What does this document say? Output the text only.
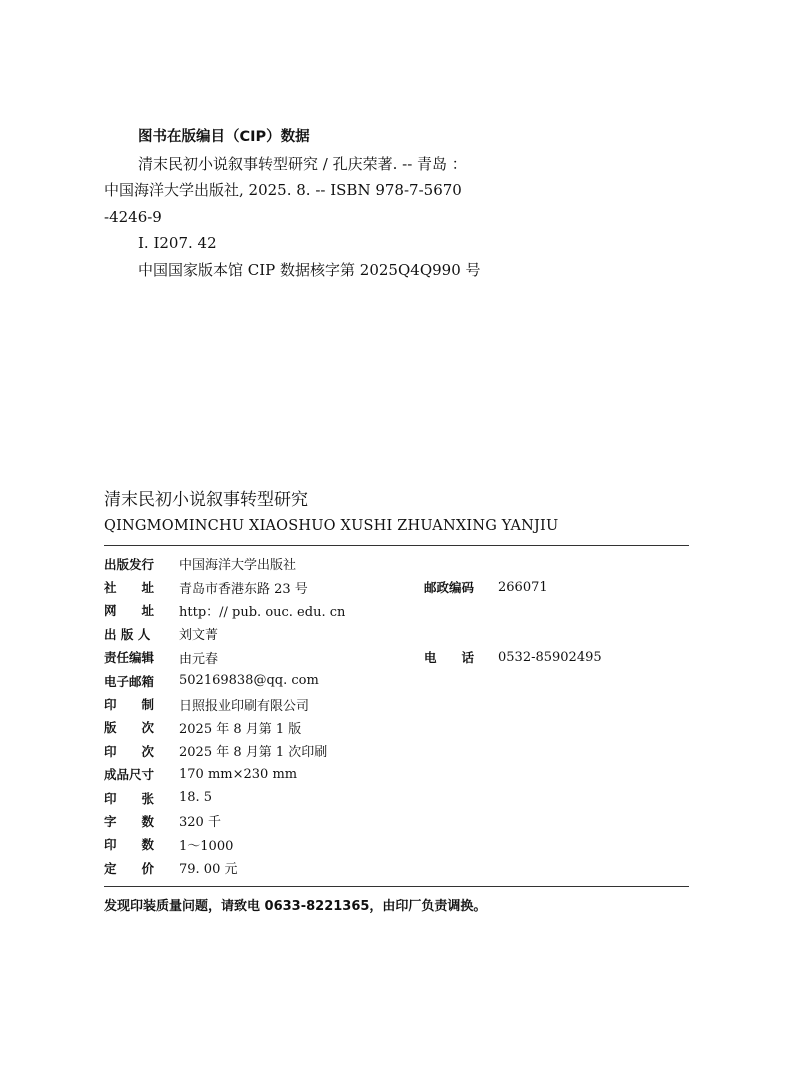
图书在版编目（CIP）数据
清末民初小说叙事转型研究 / 孔庆荣著. -- 青岛 ：
中国海洋大学出版社, 2025. 8. -- ISBN 978-7-5670
-4246-9
Ⅰ. I207. 42
中国国家版本馆 CIP 数据核字第 2025Q4Q990 号
清末民初小说叙事转型研究
QINGMOMINCHU XIAOSHUO XUSHI ZHUANXING YANJIU
出版发行	中国海洋大学出版社
社　　址	青岛市香港东路 23 号	邮政编码	266071
网　　址	http：// pub. ouc. edu. cn
出 版 人	刘文菁
责任编辑	由元春	电　　话	0532-85902495
电子邮箱	502169838@qq. com
印　　制	日照报业印刷有限公司
版　　次	2025 年 8 月第 1 版
印　　次	2025 年 8 月第 1 次印刷
成品尺寸	170 mm×230 mm
印　　张	18. 5
字　　数	320 千
印　　数	1～1000
定　　价	79. 00 元
发现印装质量问题，请致电 0633-8221365，由印厂负责调换。
